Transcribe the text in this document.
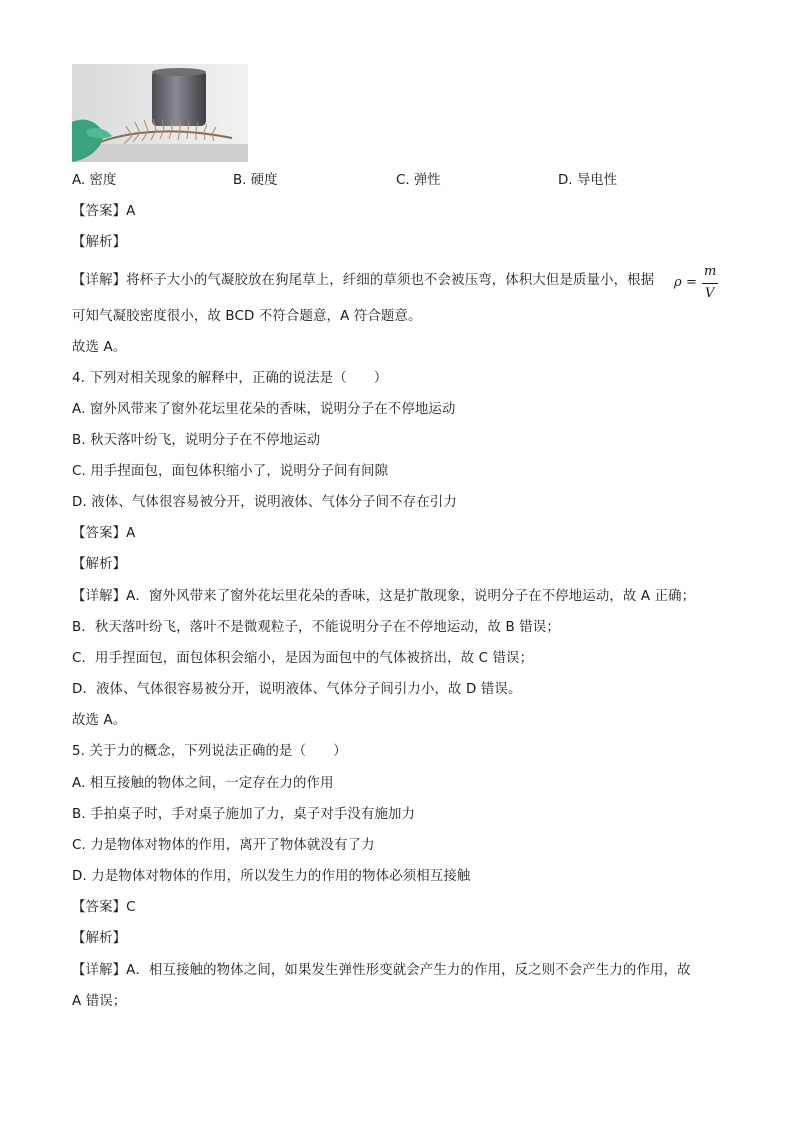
A. 密度	B. 硬度	C. 弹性	D. 导电性
【答案】A
【解析】
【详解】将杯子大小的气凝胶放在狗尾草上，纤细的草须也不会被压弯，体积大但是质量小，根据 ρ =
m
V
可知气凝胶密度很小，故 BCD 不符合题意，A 符合题意。
故选 A。
4. 下列对相关现象的解释中，正确的说法是（　　）
A. 窗外风带来了窗外花坛里花朵的香味，说明分子在不停地运动
B. 秋天落叶纷飞，说明分子在不停地运动
C. 用手捏面包，面包体积缩小了，说明分子间有间隙
D. 液体、气体很容易被分开，说明液体、气体分子间不存在引力
【答案】A
【解析】
【详解】A．窗外风带来了窗外花坛里花朵的香味，这是扩散现象，说明分子在不停地运动，故 A 正确；
B．秋天落叶纷飞，落叶不是微观粒子，不能说明分子在不停地运动，故 B 错误；
C．用手捏面包，面包体积会缩小，是因为面包中的气体被挤出，故 C 错误；
D．液体、气体很容易被分开，说明液体、气体分子间引力小，故 D 错误。
故选 A。
5. 关于力的概念，下列说法正确的是（　　）
A. 相互接触的物体之间，一定存在力的作用
B. 手拍桌子时，手对桌子施加了力，桌子对手没有施加力
C. 力是物体对物体的作用，离开了物体就没有了力
D. 力是物体对物体的作用，所以发生力的作用的物体必须相互接触
【答案】C
【解析】
【详解】A．相互接触的物体之间，如果发生弹性形变就会产生力的作用，反之则不会产生力的作用，故
A 错误；
